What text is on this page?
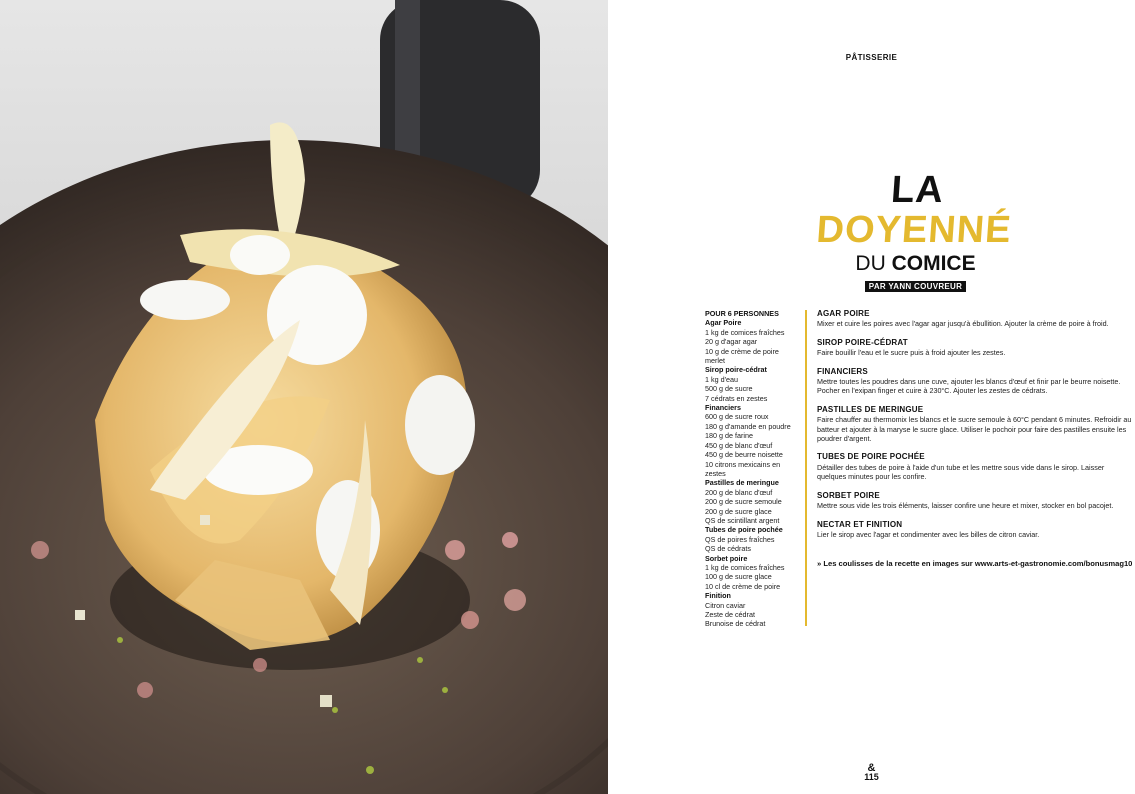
PÂTISSERIE
LA DOYENNÉ
DU COMICE
PAR YANN COUVREUR
POUR 6 PERSONNES
Agar Poire
1 kg de comices fraîches
20 g d'agar agar
10 g de crème de poire
merlet
Sirop poire-cédrat
1 kg d'eau
500 g de sucre
7 cédrats en zestes
Financiers
600 g de sucre roux
180 g d'amande en poudre
180 g de farine
450 g de blanc d'œuf
450 g de beurre noisette
10 citrons mexicains en
zestes
Pastilles de meringue
200 g de blanc d'œuf
200 g de sucre semoule
200 g de sucre glace
QS de scintillant argent
Tubes de poire pochée
QS de poires fraîches
QS de cédrats
Sorbet poire
1 kg de comices fraîches
100 g de sucre glace
10 cl de crème de poire
Finition
Citron caviar
Zeste de cédrat
Brunoise de cédrat
AGAR POIRE
Mixer et cuire les poires avec l'agar agar jusqu'à ébullition. Ajouter la crème de poire à froid.
SIROP POIRE-CÉDRAT
Faire bouillir l'eau et le sucre puis à froid ajouter les zestes.
FINANCIERS
Mettre toutes les poudres dans une cuve, ajouter les blancs d'œuf et finir par le beurre noisette. Pocher en l'exipan finger et cuire à 230°C. Ajouter les zestes de cédrats.
PASTILLES DE MERINGUE
Faire chauffer au thermomix les blancs et le sucre semoule à 60°C pendant 6 minutes. Refroidir au batteur et ajouter à la maryse le sucre glace. Utiliser le pochoir pour faire des pastilles ensuite les poudrer d'argent.
TUBES DE POIRE POCHÉE
Détailler des tubes de poire à l'aide d'un tube et les mettre sous vide dans le sirop. Laisser quelques minutes pour les confire.
SORBET POIRE
Mettre sous vide les trois éléments, laisser confire une heure et mixer, stocker en bol pacojet.
NECTAR ET FINITION
Lier le sirop avec l'agar et condimenter avec les billes de citron caviar.
» Les coulisses de la recette en images sur www.arts-et-gastronomie.com/bonusmag10
&
115
